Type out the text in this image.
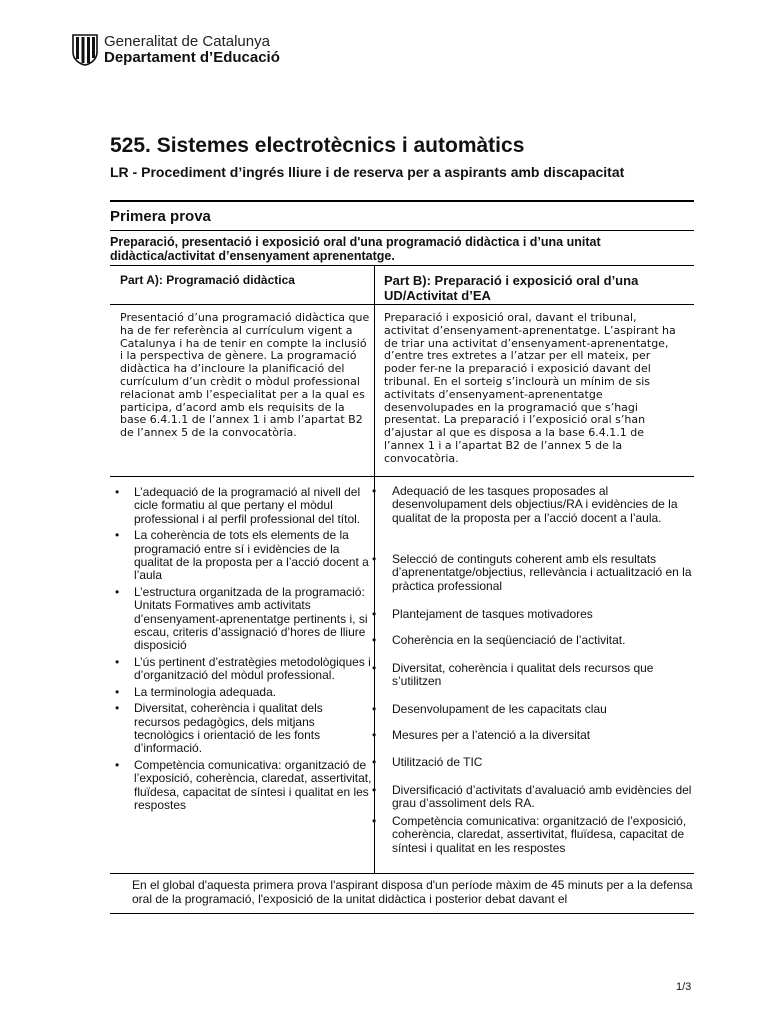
Generalitat de Catalunya
Departament d’Educació
525. Sistemes electrotècnics i automàtics
LR - Procediment d’ingrés lliure i de reserva per a aspirants amb discapacitat
Primera prova
Preparació, presentació i exposició oral d'una programació didàctica i d’una unitat didàctica/activitat d’ensenyament aprenentatge.
Part A): Programació didàctica	Part B): Preparació i exposició oral d’una UD/Activitat d’EA
Presentació d’una programació didàctica que ha de fer referència al currículum vigent a Catalunya i ha de tenir en compte la inclusió i la perspectiva de gènere. La programació didàctica ha d’incloure la planificació del currículum d’un crèdit o mòdul professional relacionat amb l’especialitat per a la qual es participa, d’acord amb els requisits de la base 6.4.1.1 de l’annex 1 i amb l’apartat B2 de l’annex 5 de la convocatòria.
Preparació i exposició oral, davant el tribunal, activitat d’ensenyament-aprenentatge. L’aspirant ha de triar una activitat d’ensenyament-aprenentatge, d’entre tres extretes a l’atzar per ell mateix, per poder fer-ne la preparació i exposició davant del tribunal. En el sorteig s’inclourà un mínim de sis activitats d’ensenyament-aprenentatge desenvolupades en la programació que s’hagi presentat. La preparació i l’exposició oral s’han d’ajustar al que es disposa a la base 6.4.1.1 de l’annex 1 i a l’apartat B2 de l’annex 5 de la convocatòria.
• L’adequació de la programació al nivell del cicle formatiu al que pertany el mòdul professional i al perfil professional del títol.
• La coherència de tots els elements de la programació entre sí i evidències de la qualitat de la proposta per a l’acció docent a l’aula
• L’estructura organitzada de la programació: Unitats Formatives amb activitats d’ensenyament-aprenentatge pertinents i, si escau, criteris d’assignació d’hores de lliure disposició
• L’ús pertinent d’estratègies metodològiques i d’organització del mòdul professional.
• La terminologia adequada.
• Diversitat, coherència i qualitat dels recursos pedagògics, dels mitjans tecnològics i orientació de les fonts d’informació.
• Competència comunicativa: organització de l’exposició, coherència, claredat, assertivitat, fluïdesa, capacitat de síntesi i qualitat en les respostes
• Adequació de les tasques proposades al desenvolupament dels objectius/RA i evidències de la qualitat de la proposta per a l’acció docent a l’aula.
• Selecció de continguts coherent amb els resultats d’aprenentatge/objectius, rellevància i actualització en la pràctica professional
• Plantejament de tasques motivadores
• Coherència en la seqüenciació de l’activitat.
• Diversitat, coherència i qualitat dels recursos que s’utilitzen
• Desenvolupament de les capacitats clau
• Mesures per a l’atenció a la diversitat
• Utilització de TIC
• Diversificació d’activitats d’avaluació amb evidències del grau d’assoliment dels RA.
• Competència comunicativa: organització de l’exposició, coherència, claredat, assertivitat, fluïdesa, capacitat de síntesi i qualitat en les respostes
En el global d'aquesta primera prova l'aspirant disposa d'un període màxim de 45 minuts per a la defensa oral de la programació, l'exposició de la unitat didàctica i posterior debat davant el
1/3
